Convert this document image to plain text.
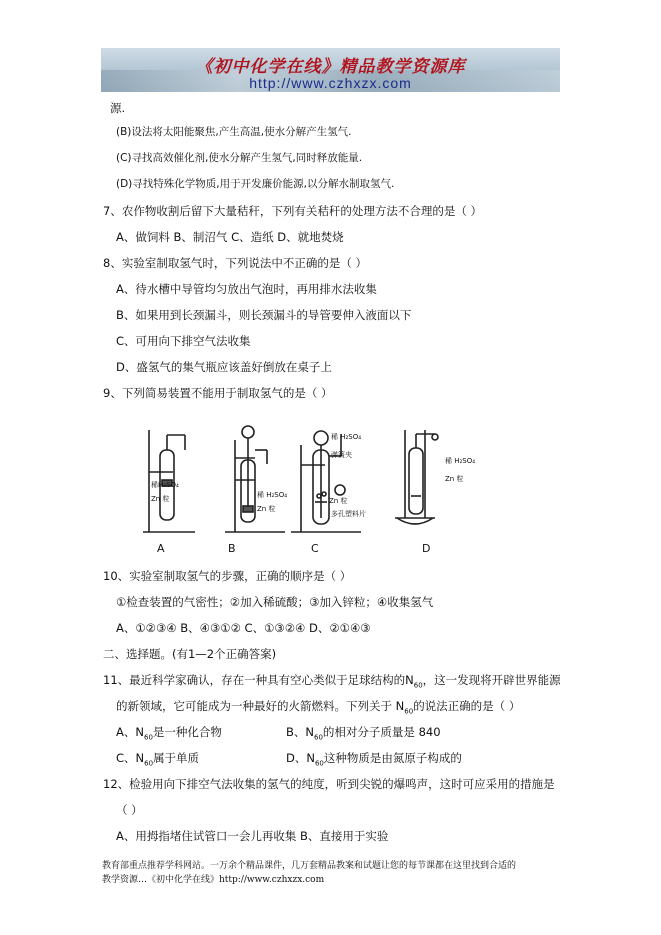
《初中化学在线》精品教学资源库
http://www.czhxzx.com
源.
(B)设法将太阳能聚焦,产生高温,使水分解产生氢气.
(C)寻找高效催化剂,使水分解产生氢气,同时释放能量.
(D)寻找特殊化学物质,用于开发廉价能源,以分解水制取氢气.
7、农作物收割后留下大量秸秆，下列有关秸秆的处理方法不合理的是（ ）
A、做饲料 B、制沼气 C、造纸 D、就地焚烧
8、实验室制取氢气时，下列说法中不正确的是（ ）
A、待水槽中导管均匀放出气泡时，再用排水法收集
B、如果用到长颈漏斗，则长颈漏斗的导管要伸入液面以下
C、可用向下排空气法收集
D、盛氢气的集气瓶应该盖好倒放在桌子上
9、下列简易装置不能用于制取氢气的是（ ）
稀H₂SO₄
Zn 粒	稀 H₂SO₄
Zn 粒
稀 H₂SO₄
弹簧夹
Zn 粒
多孔塑料片
稀 H₂SO₄
Zn 粒
A	B	C	D
10、实验室制取氢气的步骤，正确的顺序是（ ）
①检查装置的气密性；②加入稀硫酸；③加入锌粒；④收集氢气
A、①②③④ B、④③①② C、①③②④ D、②①④③
二、选择题。(有1—2个正确答案)
11、最近科学家确认，存在一种具有空心类似于足球结构的$N_{60}$，这一发现将开辟世界能源
的新领域，它可能成为一种最好的火箭燃料。下列关于 $N_{60}$的说法正确的是（ ）
A、$N_{60}$是一种化合物	B、$N_{60}$的相对分子质量是 840
C、$N_{60}$属于单质	D、$N_{60}$这种物质是由氮原子构成的
12、检验用向下排空气法收集的氢气的纯度，听到尖锐的爆鸣声，这时可应采用的措施是
（ ）
A、用拇指堵住试管口一会儿再收集 B、直接用于实验
教育部重点推荐学科网站。一万余个精品课件，几万套精品教案和试题让您的每节课都在这里找到合适的
教学资源…《初中化学在线》http://www.czhxzx.com
